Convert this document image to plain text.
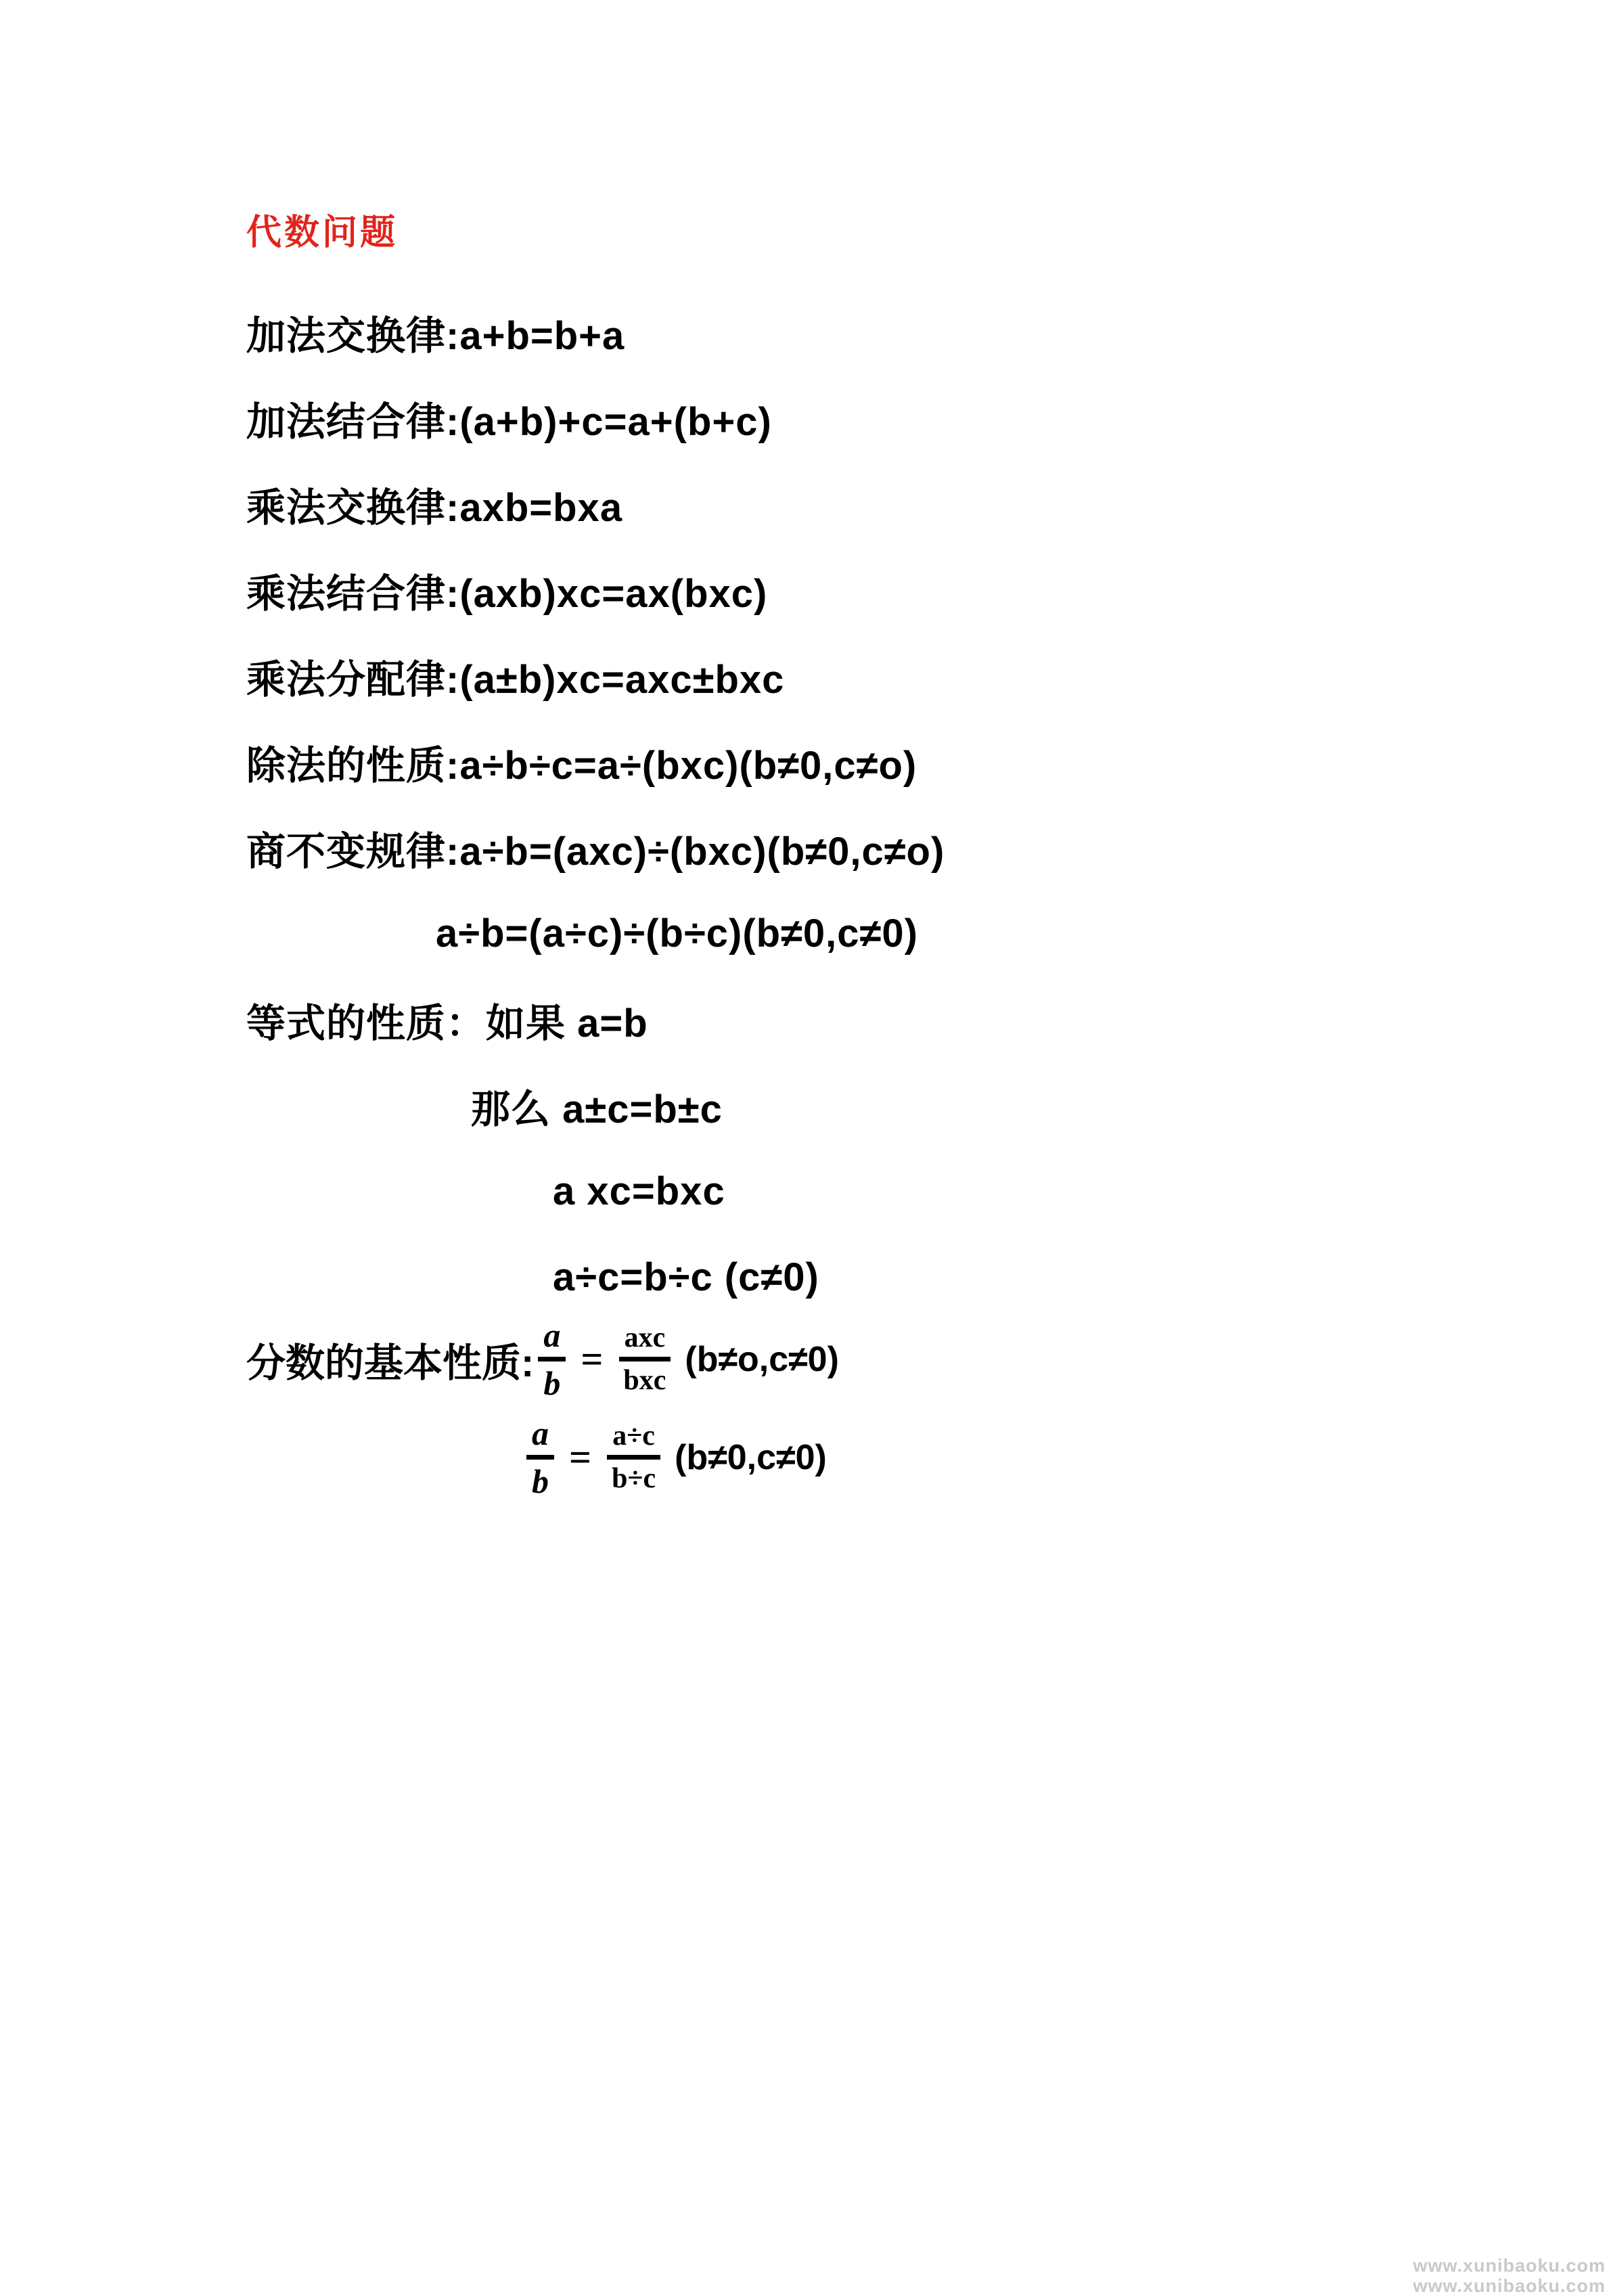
代数问题
加法交换律:a+b=b+a
加法结合律:(a+b)+c=a+(b+c)
乘法交换律:axb=bxa
乘法结合律:(axb)xc=ax(bxc)
乘法分配律:(a±b)xc=axc±bxc
除法的性质:a÷b÷c=a÷(bxc)(b≠0,c≠o)
商不变规律:a÷b=(axc)÷(bxc)(b≠0,c≠o)
a÷b=(a÷c)÷(b÷c)(b≠0,c≠0)
等式的性质：如果 a=b
那么 a±c=b±c
a xc=bxc
a÷c=b÷c (c≠0)
分数的基本性质: $\frac{a}{b} = \frac{\text{axc}}{\text{bxc}} (b\ne o,c\ne 0)$
$\frac{a}{b} = \frac{a\div c}{b\div c} (b\ne 0,c\ne 0)$
www.xunibaoku.com
www.xunibaoku.com
